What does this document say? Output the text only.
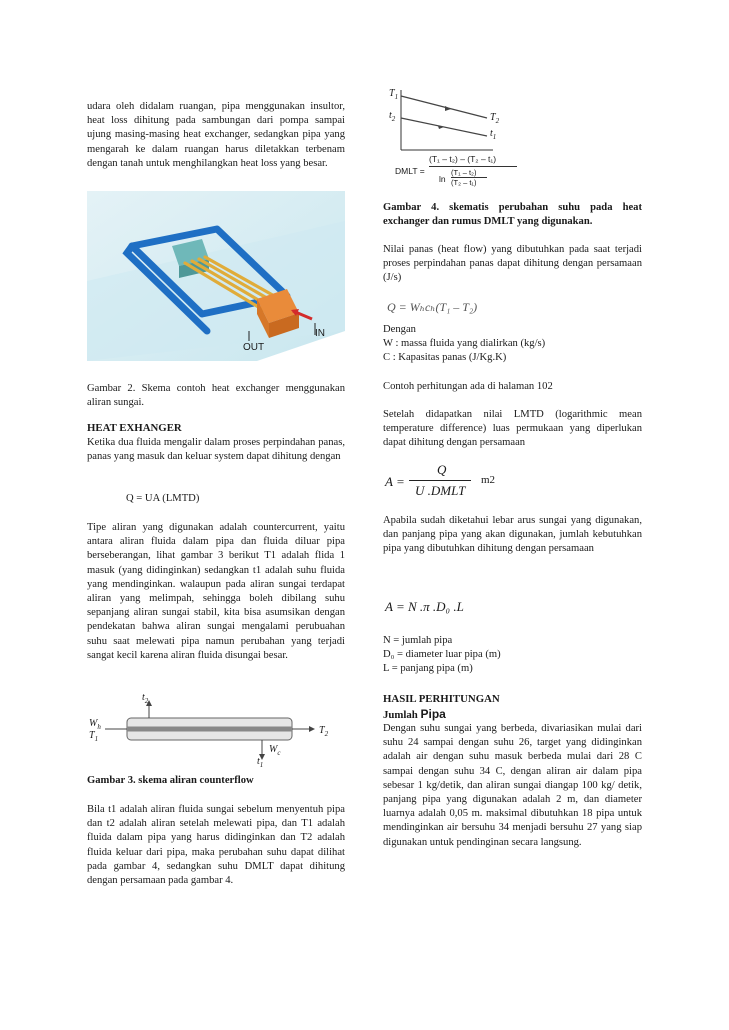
udara oleh didalam ruangan, pipa menggunakan insultor, heat loss dihitung pada sambungan dari pompa sampai ujung masing-masing heat exchanger, sedangkan pipa yang mengarah ke dalam ruangan harus diletakkan terbenam dengan tanah untuk menghilangkan heat loss yang besar.

IN
OUT

Gambar 2. Skema contoh heat exchanger menggunakan aliran sungai.

HEAT EXHANGER

Ketika dua fluida mengalir dalam proses perpindahan panas, panas yang masuk dan keluar system dapat dihitung dengan

Q = UA (LMTD)

Tipe aliran yang digunakan adalah countercurrent, yaitu antara aliran fluida dalam pipa dan fluida diluar pipa berseberangan, lihat gambar 3 berikut T1 adalah flida 1 masuk (yang didinginkan) sedangkan t1 adalah suhu fluida yang mendinginkan. walaupun pada aliran sungai terdapat aliran yang melimpah, sehingga boleh dibilang suhu sepanjang aliran sungai stabil, kita bisa asumsikan dengan pendekatan bahwa aliran sungai mengalami perubuahan suhu saat melewati pipa namun perubahan yang terjadi sangat kecil karena aliran fluida disungai besar.

$W_h$
$T_1$
$t_2$
$T_2$
$W_c$
$t_1$

Gambar 3. skema aliran counterflow

Bila t1 adalah aliran fluida sungai sebelum menyentuh pipa dan t2 adalah aliran setelah melewati pipa, dan T1 adalah fluida dalam pipa yang harus didinginkan dan T2 adalah fluida keluar dari pipa, maka perubahan suhu dapat dilihat pada gambar 4, sedangkan suhu DMLT dapat dihitung dengan persamaan pada gambar 4.

$T_1$
$t_2$	$T_2$
$t_1$
DMLT =
(T₁ – t₂) – (T₂ – t₁)
ln
(T₁ – t₂)
(T₂ – t₁)

Gambar 4. skematis perubahan suhu pada heat exchanger dan rumus DMLT yang digunakan.

Nilai panas (heat flow) yang dibutuhkan pada saat terjadi proses perpindahan panas dapat dihitung dengan persamaan (J/s)

Q = Wₕcₕ(T₁ – T₂)

Dengan

W : massa fluida yang dialirkan (kg/s)

C : Kapasitas panas (J/Kg.K)

Contoh perhitungan ada di halaman 102

Setelah didapatkan nilai LMTD (logarithmic mean temperature difference) luas permukaan yang diperlukan dapat dihitung dengan persamaan

A =
Q
U .DMLT
m2

Apabila sudah diketahui lebar arus sungai yang digunakan, dan panjang pipa yang akan digunakan, jumlah kebutuhkan pipa yang dibutuhkan dihitung dengan persamaan

A = N .π .D₀ .L

N = jumlah pipa

D₀ = diameter luar pipa (m)

L = panjang pipa (m)

HASIL PERHITUNGAN

Jumlah Pipa

Dengan suhu sungai yang berbeda, divariasikan mulai dari suhu 24 sampai dengan suhu 26, target yang didinginkan adalah air dengan suhu masuk berbeda mulai dari 28 C sampai dengan suhu 34 C, dengan aliran air dalam pipa sebesar 1 kg/detik, dan aliran sungai diangap 100 kg/ detik, panjang pipa yang digunakan adalah 2 m, dan diameter luarnya adalah 0,05 m. maksimal dibutuhkan 18 pipa untuk mendinginkan air bersuhu 34 menjadi bersuhu 27 yang siap digunakan untuk pendinginan secara langsung.
